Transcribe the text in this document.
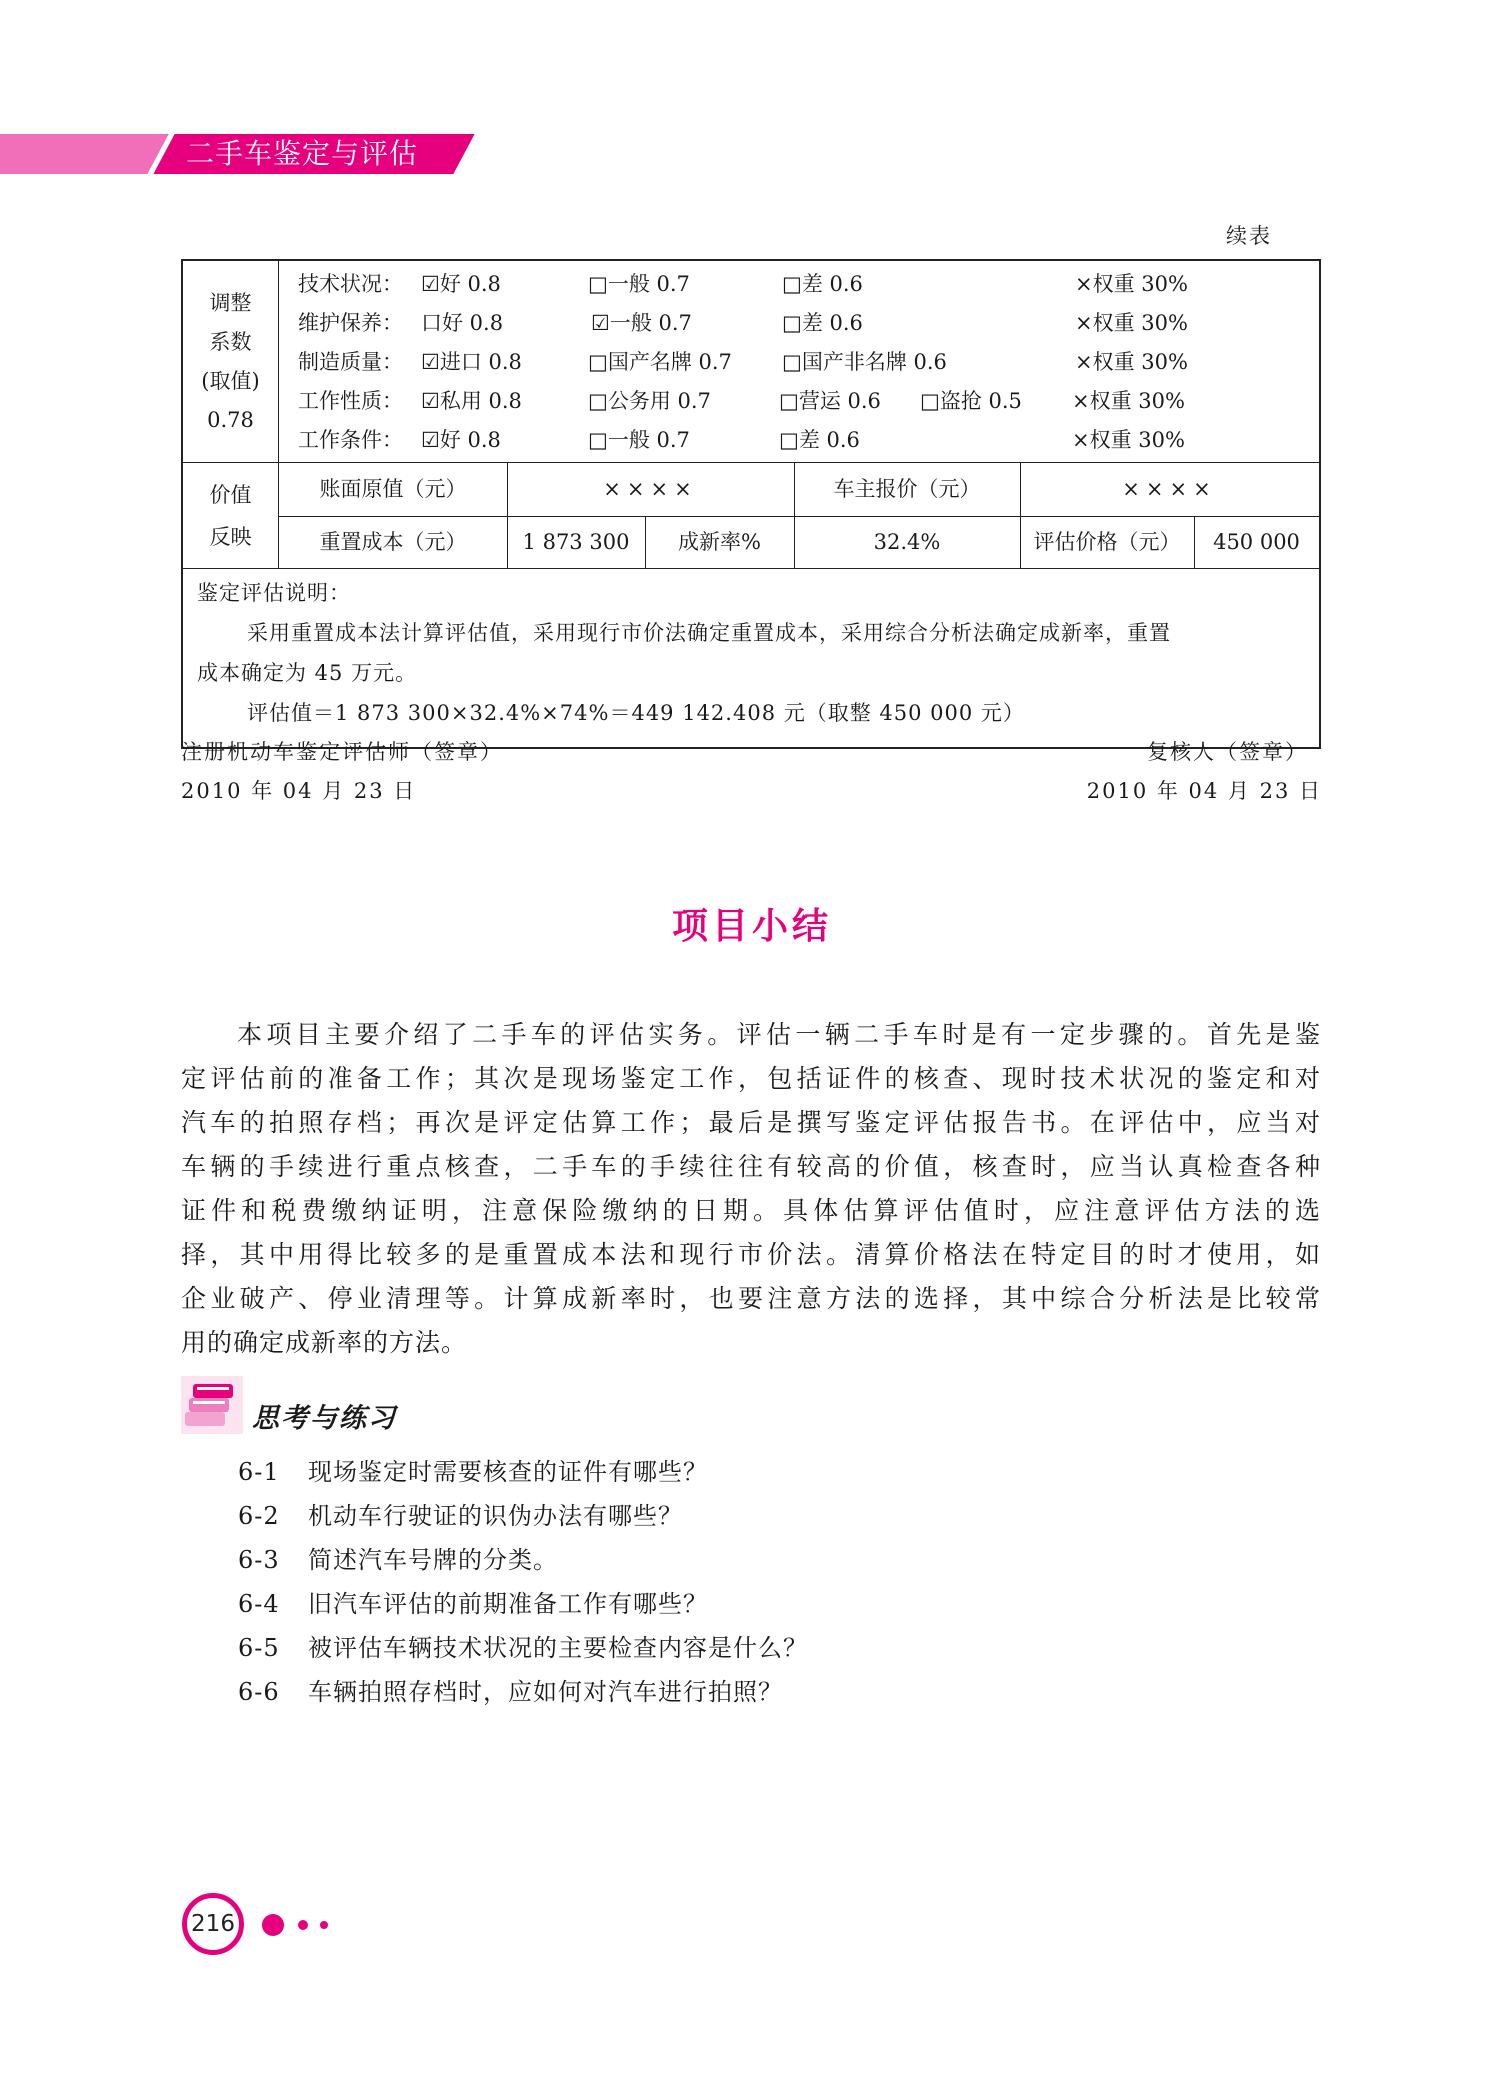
二手车鉴定与评估
续表
调整
系数
(取值)
0.78
技术状况： ☑好 0.8	□一般 0.7	□差 0.6	×权重 30%
维护保养： 口好 0.8	☑一般 0.7	□差 0.6	×权重 30%
制造质量： ☑进口 0.8	□国产名牌 0.7 □国产非名牌 0.6	×权重 30%
工作性质： ☑私用 0.8	□公务用 0.7	□营运 0.6 □盗抢 0.5 ×权重 30%
工作条件： ☑好 0.8	□一般 0.7	□差 0.6	×权重 30%
价值
反映
账面原值（元）	××××	车主报价（元）	××××
重置成本（元）	1 873 300	成新率%	32.4%	评估价格（元）	450 000
鉴定评估说明：
采用重置成本法计算评估值，采用现行市价法确定重置成本，采用综合分析法确定成新率，重置
成本确定为 45 万元。
评估值＝1 873 300×32.4%×74%＝449 142.408 元（取整 450 000 元）
注册机动车鉴定评估师（签章）
2010 年 04 月 23 日
复核人（签章）
2010 年 04 月 23 日
项目小结
本项目主要介绍了二手车的评估实务。评估一辆二手车时是有一定步骤的。首先是鉴
定评估前的准备工作；其次是现场鉴定工作，包括证件的核查、现时技术状况的鉴定和对
汽车的拍照存档；再次是评定估算工作；最后是撰写鉴定评估报告书。在评估中，应当对
车辆的手续进行重点核查，二手车的手续往往有较高的价值，核查时，应当认真检查各种
证件和税费缴纳证明，注意保险缴纳的日期。具体估算评估值时，应注意评估方法的选
择，其中用得比较多的是重置成本法和现行市价法。清算价格法在特定目的时才使用，如
企业破产、停业清理等。计算成新率时，也要注意方法的选择，其中综合分析法是比较常
用的确定成新率的方法。
思考与练习
6-1 现场鉴定时需要核查的证件有哪些？
6-2 机动车行驶证的识伪办法有哪些？
6-3 简述汽车号牌的分类。
6-4 旧汽车评估的前期准备工作有哪些？
6-5 被评估车辆技术状况的主要检查内容是什么？
6-6 车辆拍照存档时，应如何对汽车进行拍照？
216
